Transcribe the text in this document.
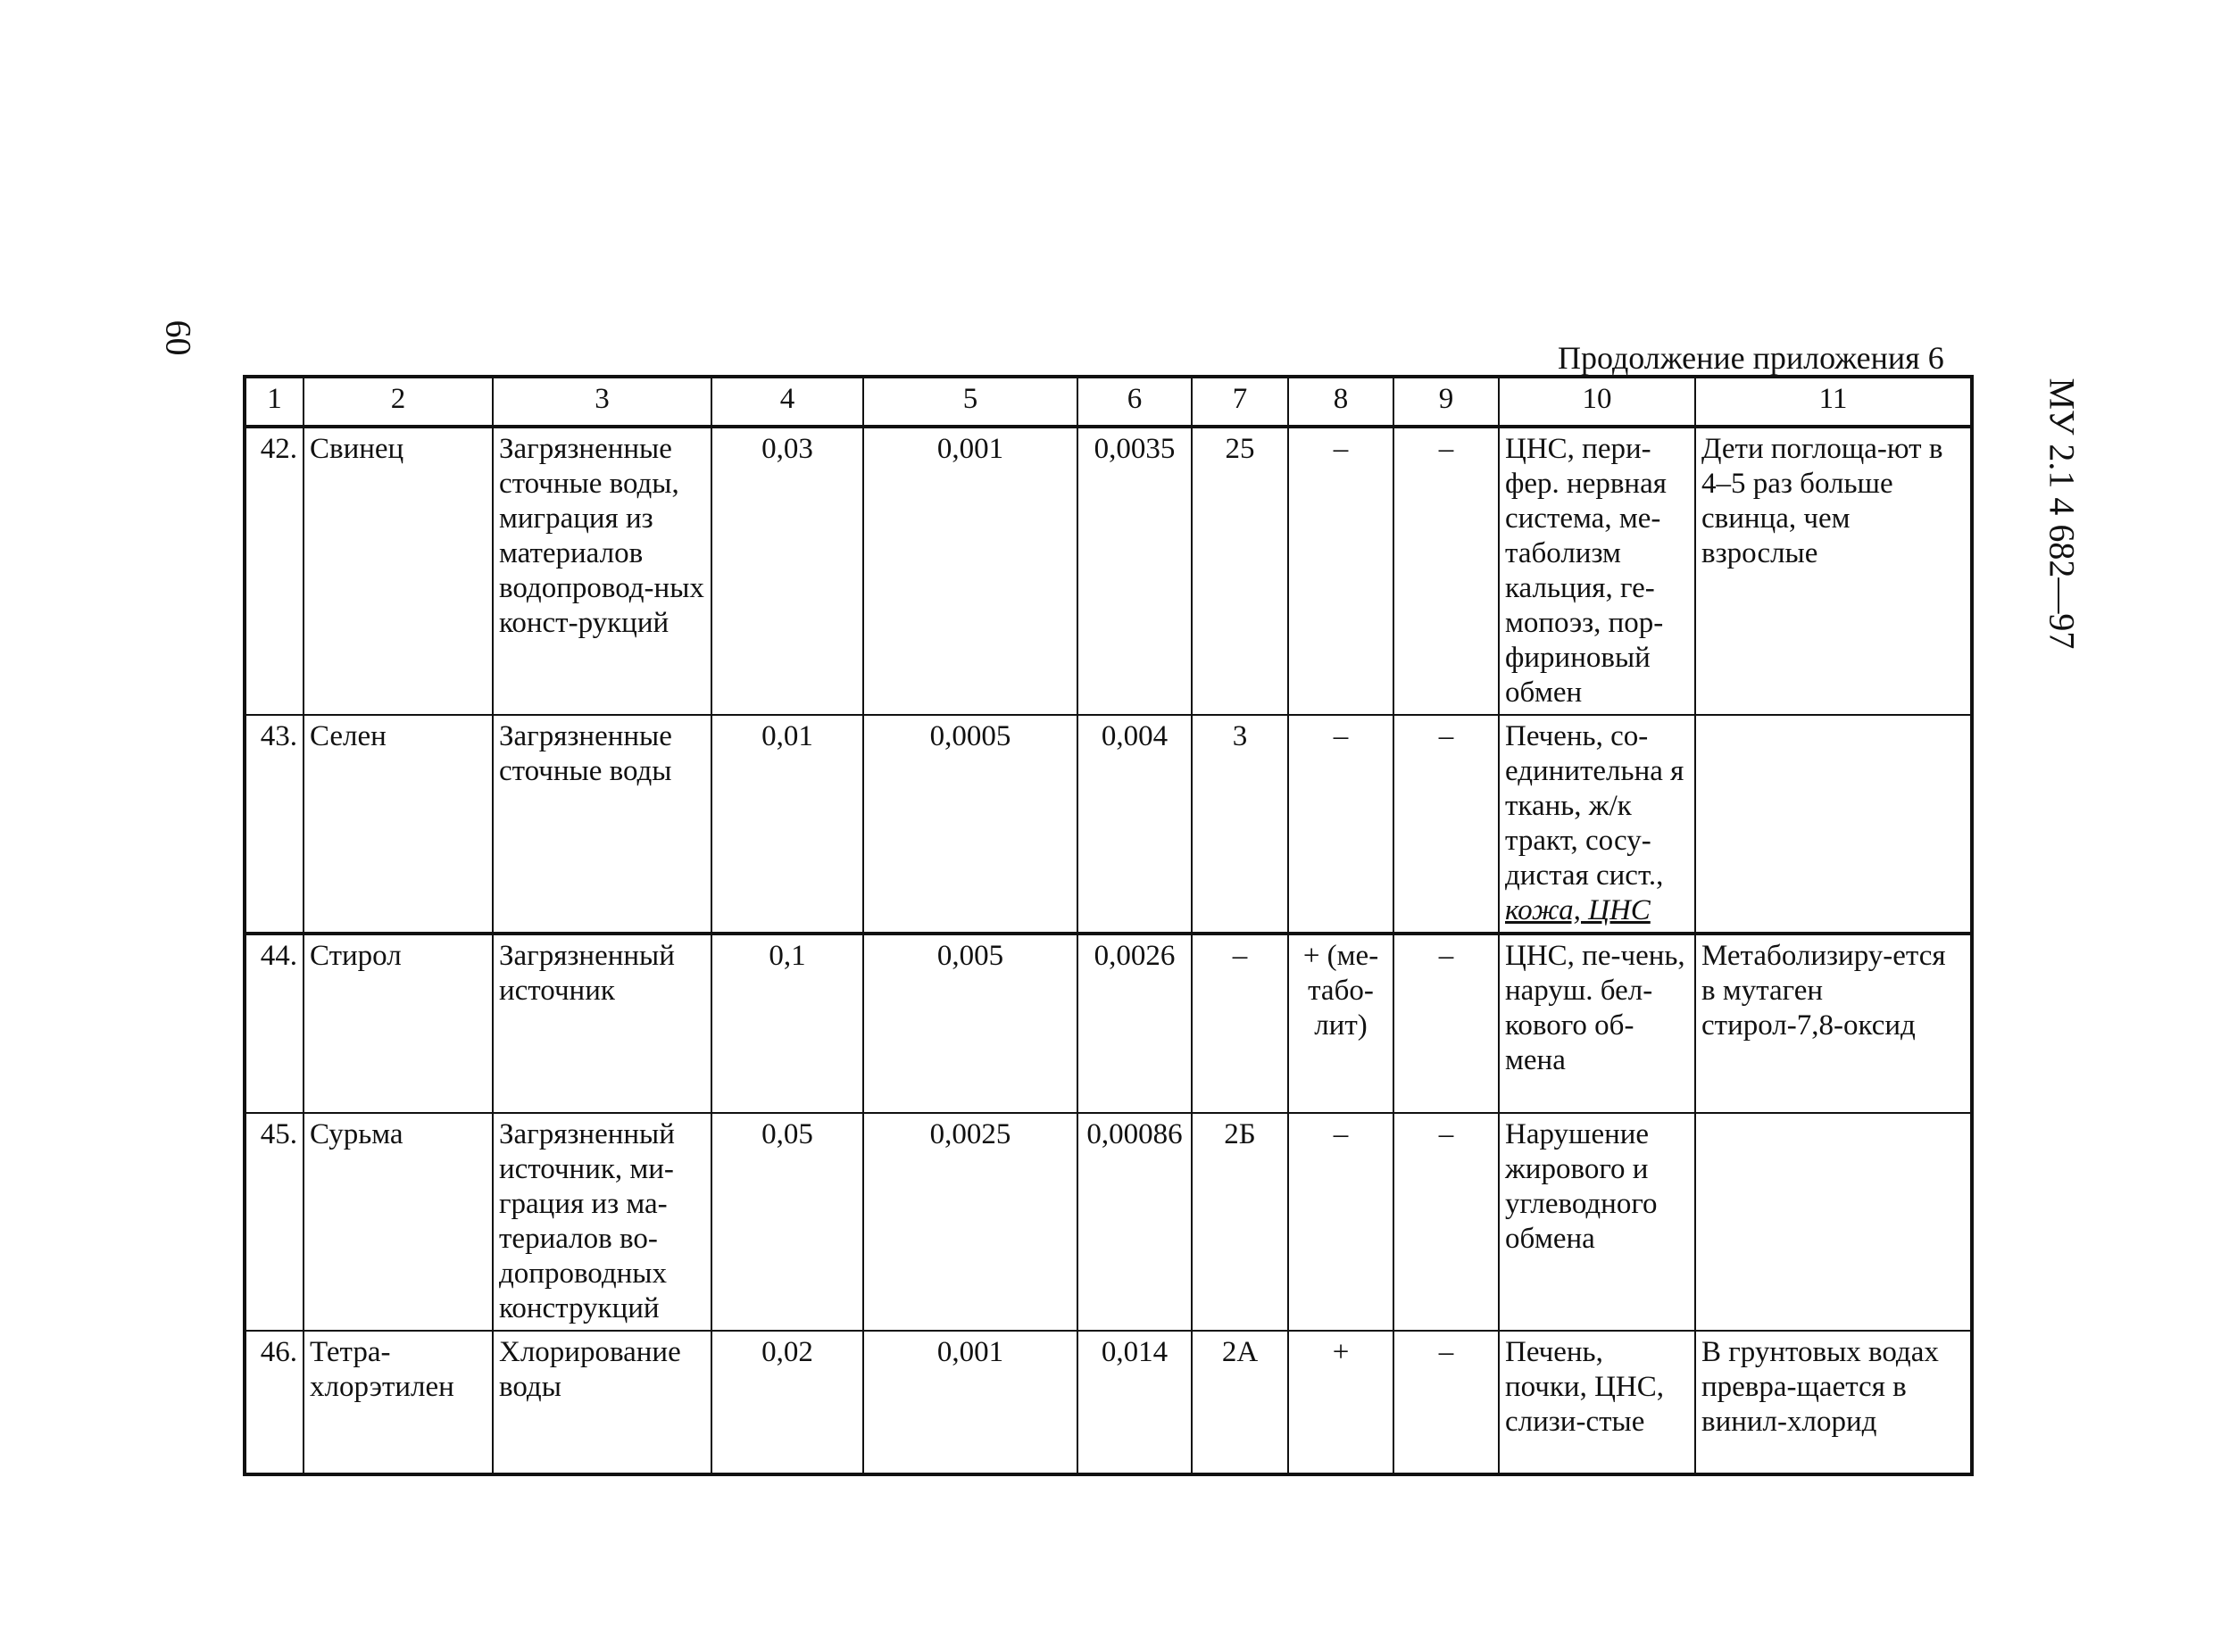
60
МУ 2.1 4 682—97
Продолжение приложения 6
1	2	3	4	5	6	7	8	9	10	11
42.	Свинец	Загрязненные сточные воды, миграция из материалов водопровод-ных конст-рукций	0,03	0,001	0,0035	25	–	–	ЦНС, пери-фер. нервная система, ме-таболизм кальция, ге-мопоэз, пор-фириновый обмен	Дети поглоща-ют в 4–5 раз больше свинца, чем взрослые
43.	Селен	Загрязненные сточные воды	0,01	0,0005	0,004	3	–	–	Печень, со-единительна я ткань, ж/к тракт, сосу-дистая сист., кожа, ЦНС	
44.	Стирол	Загрязненный источник	0,1	0,005	0,0026	–	+ (ме-табо-лит)	–	ЦНС, пе-чень, наруш. бел-кового об-мена	Метаболизиру-ется в мутаген стирол-7,8-оксид
45.	Сурьма	Загрязненный источник, ми-грация из ма-териалов во-допроводных конструкций	0,05	0,0025	0,00086	2Б	–	–	Нарушение жирового и углеводного обмена	
46.	Тетра-хлорэтилен	Хлорирование воды	0,02	0,001	0,014	2А	+	–	Печень, почки, ЦНС, слизи-стые	В грунтовых водах превра-щается в винил-хлорид
